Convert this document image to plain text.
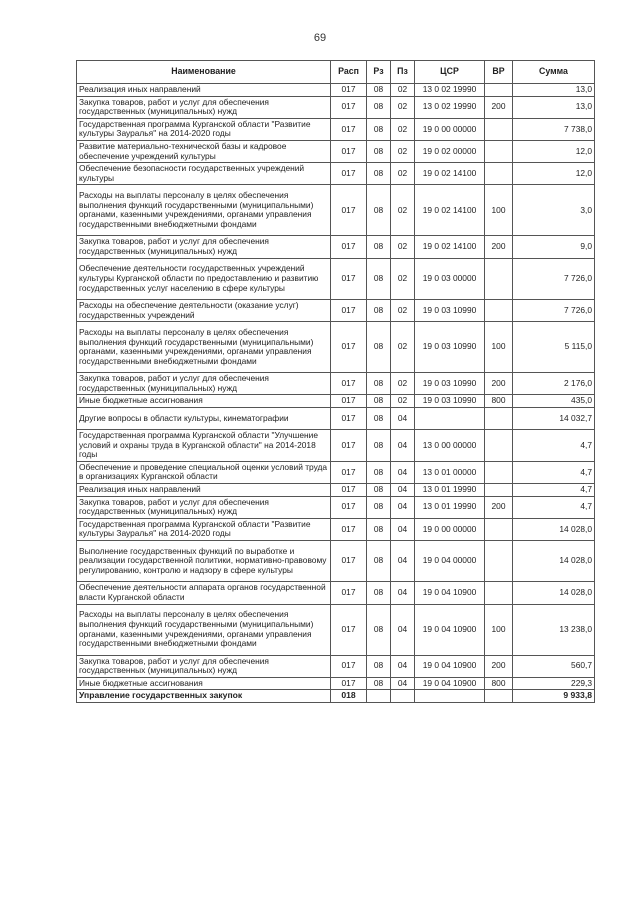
69
Наименование	Расп	Рз	Пз	ЦСР	ВР	Сумма
Реализация иных направлений	017	08	02	13 0 02 19990		13,0
Закупка товаров, работ и услуг для обеспечения государственных (муниципальных) нужд	017	08	02	13 0 02 19990	200	13,0
Государственная программа Курганской области "Развитие культуры Зауралья" на 2014-2020 годы	017	08	02	19 0 00 00000		7 738,0
Развитие материально-технической базы и кадровое обеспечение учреждений культуры	017	08	02	19 0 02 00000		12,0
Обеспечение безопасности государственных учреждений культуры	017	08	02	19 0 02 14100		12,0
Расходы на выплаты персоналу в целях обеспечения выполнения функций государственными (муниципальными) органами, казенными учреждениями, органами управления государственными внебюджетными фондами	017	08	02	19 0 02 14100	100	3,0
Закупка товаров, работ и услуг для обеспечения государственных (муниципальных) нужд	017	08	02	19 0 02 14100	200	9,0
Обеспечение деятельности государственных учреждений культуры Курганской области по предоставлению и развитию государственных услуг населению в сфере культуры	017	08	02	19 0 03 00000		7 726,0
Расходы на обеспечение деятельности (оказание услуг) государственных учреждений	017	08	02	19 0 03 10990		7 726,0
Расходы на выплаты персоналу в целях обеспечения выполнения функций государственными (муниципальными) органами, казенными учреждениями, органами управления государственными внебюджетными фондами	017	08	02	19 0 03 10990	100	5 115,0
Закупка товаров, работ и услуг для обеспечения государственных (муниципальных) нужд	017	08	02	19 0 03 10990	200	2 176,0
Иные бюджетные ассигнования	017	08	02	19 0 03 10990	800	435,0
Другие вопросы в области культуры, кинематографии	017	08	04			14 032,7
Государственная программа Курганской области "Улучшение условий и охраны труда в Курганской области" на 2014-2018 годы	017	08	04	13 0 00 00000		4,7
Обеспечение и проведение специальной оценки условий труда в организациях Курганской области	017	08	04	13 0 01 00000		4,7
Реализация иных направлений	017	08	04	13 0 01 19990		4,7
Закупка товаров, работ и услуг для обеспечения государственных (муниципальных) нужд	017	08	04	13 0 01 19990	200	4,7
Государственная программа Курганской области "Развитие культуры Зауралья" на 2014-2020 годы	017	08	04	19 0 00 00000		14 028,0
Выполнение государственных функций по выработке и реализации государственной политики, нормативно-правовому регулированию, контролю и надзору в сфере культуры	017	08	04	19 0 04 00000		14 028,0
Обеспечение деятельности аппарата органов государственной власти Курганской области	017	08	04	19 0 04 10900		14 028,0
Расходы на выплаты персоналу в целях обеспечения выполнения функций государственными (муниципальными) органами, казенными учреждениями, органами управления государственными внебюджетными фондами	017	08	04	19 0 04 10900	100	13 238,0
Закупка товаров, работ и услуг для обеспечения государственных (муниципальных) нужд	017	08	04	19 0 04 10900	200	560,7
Иные бюджетные ассигнования	017	08	04	19 0 04 10900	800	229,3
Управление государственных закупок	018					9 933,8
